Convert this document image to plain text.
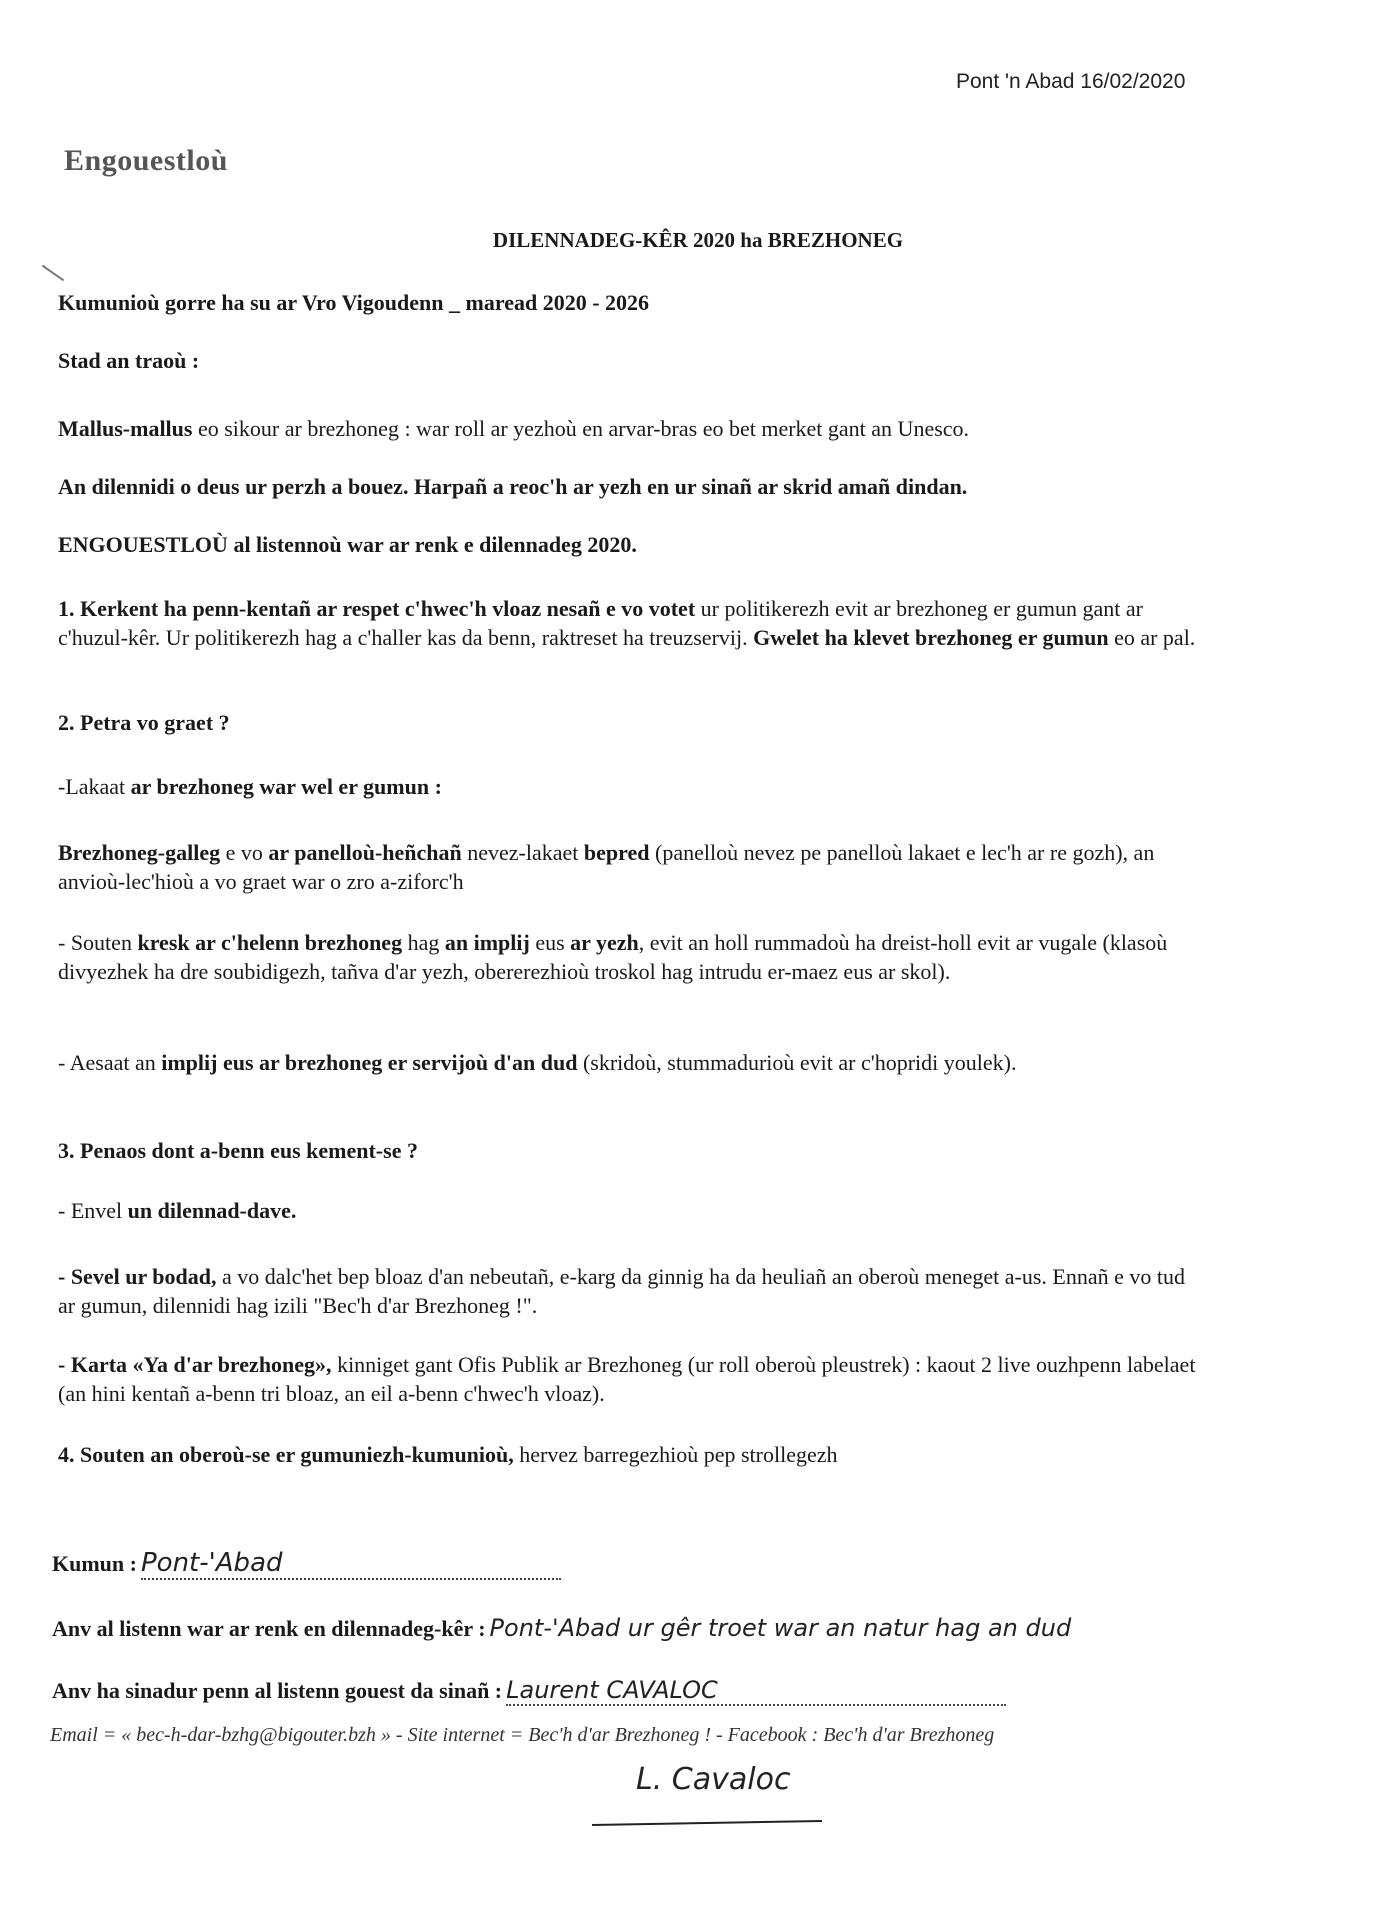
Pont 'n Abad 16/02/2020
Engouestloù
DILENNADEG-KÊR 2020 ha BREZHONEG
Kumunioù gorre ha su ar Vro Vigoudenn _ maread 2020 - 2026
Stad an traoù :
Mallus-mallus eo sikour ar brezhoneg : war roll ar yezhoù en arvar-bras eo bet merket gant an Unesco.
An dilennidi o deus ur perzh a bouez. Harpañ a reoc'h ar yezh en ur sinañ ar skrid amañ dindan.
ENGOUESTLOÙ al listennoù war ar renk e dilennadeg 2020.
1. Kerkent ha penn-kentañ ar respet c'hwec'h vloaz nesañ e vo votet ur politikerezh evit ar brezhoneg er gumun gant ar c'huzul-kêr. Ur politikerezh hag a c'haller kas da benn, raktreset ha treuzservij. Gwelet ha klevet brezhoneg er gumun eo ar pal.
2. Petra vo graet ?
-Lakaat ar brezhoneg war wel er gumun :
Brezhoneg-galleg e vo ar panelloù-heñchañ nevez-lakaet bepred (panelloù nevez pe panelloù lakaet e lec'h ar re gozh), an anvioù-lec'hioù a vo graet war o zro a-ziforc'h
- Souten kresk ar c'helenn brezhoneg hag an implij eus ar yezh, evit an holl rummadoù ha dreist-holl evit ar vugale (klasoù divyezhek ha dre soubidigezh, tañva d'ar yezh, obererezhioù troskol hag intrudu er-maez eus ar skol).
- Aesaat an implij eus ar brezhoneg er servijoù d'an dud (skridoù, stummadurioù evit ar c'hopridi youlek).
3. Penaos dont a-benn eus kement-se ?
- Envel un dilennad-dave.
- Sevel ur bodad, a vo dalc'het bep bloaz d'an nebeutañ, e-karg da ginnig ha da heuliañ an oberoù meneget a-us. Ennañ e vo tud ar gumun, dilennidi hag izili "Bec'h d'ar Brezhoneg !".
- Karta «Ya d'ar brezhoneg», kinniget gant Ofis Publik ar Brezhoneg (ur roll oberoù pleustrek) : kaout 2 live ouzhpenn labelaet (an hini kentañ a-benn tri bloaz, an eil a-benn c'hwec'h vloaz).
4. Souten an oberoù-se er gumuniezh-kumunioù, hervez barregezhioù pep strollegezh
Kumun : Pont-'Abad
Anv al listenn war ar renk en dilennadeg-kêr : Pont-'Abad ur gêr troet war an natur hag an dud
Anv ha sinadur penn al listenn gouest da sinañ : Laurent CAVALOC
Email = « bec-h-dar-bzhg@bigouter.bzh » - Site internet = Bec'h d'ar Brezhoneg ! - Facebook : Bec'h d'ar Brezhoneg
L. Cavaloc
